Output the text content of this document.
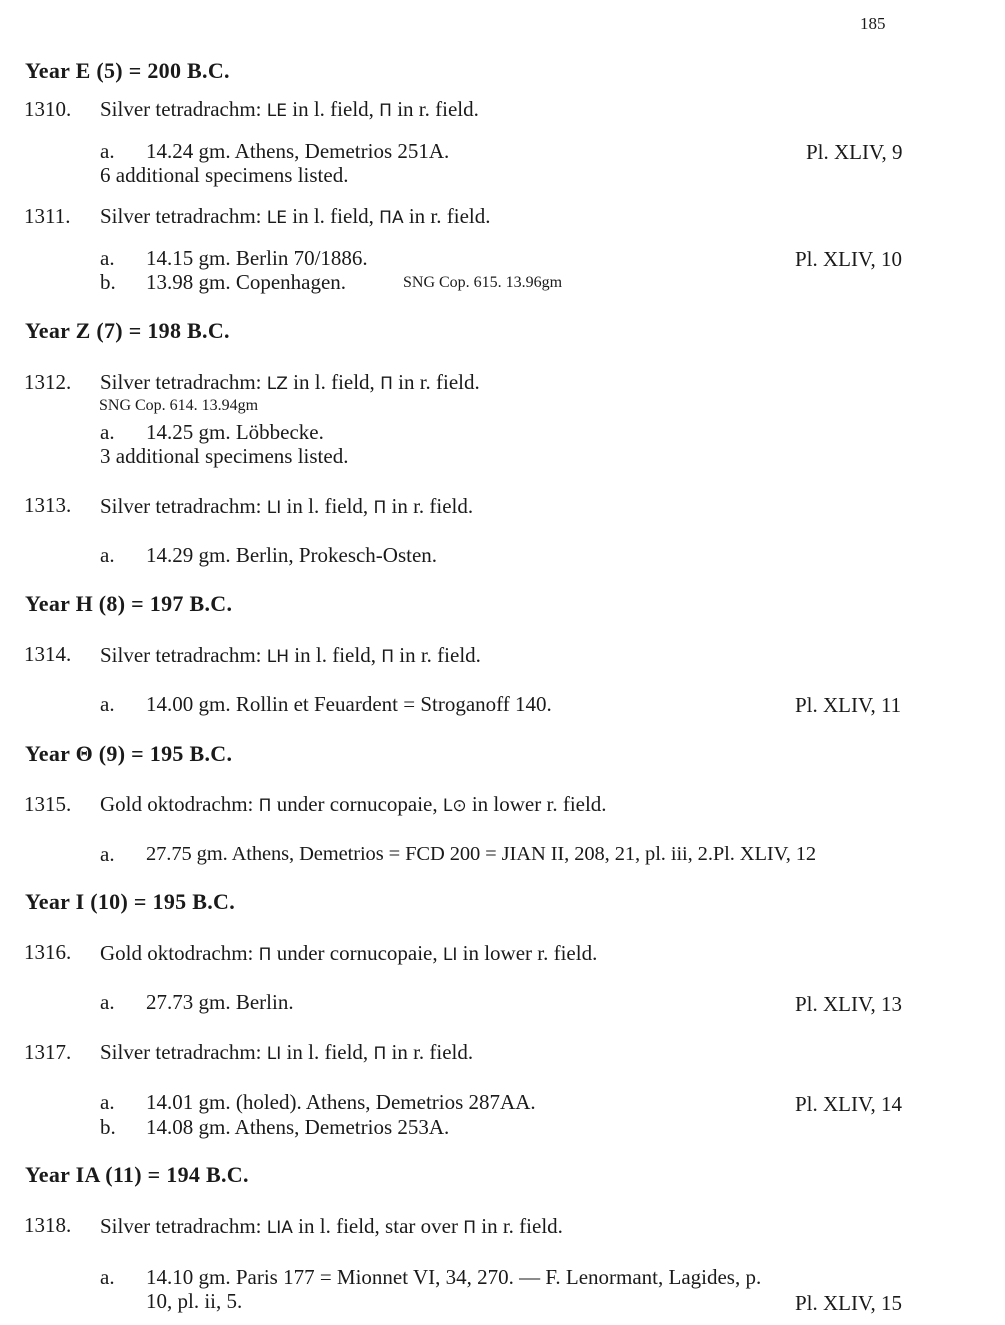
185
Year E (5) = 200 B.C.
1310. Silver tetradrachm: LE in l. field, Π in r. field.
a. 14.24 gm. Athens, Demetrios 251A.	Pl. XLIV, 9
6 additional specimens listed.
1311. Silver tetradrachm: LE in l. field, ΠA in r. field.
a. 14.15 gm. Berlin 70/1886.	Pl. XLIV, 10
b. 13.98 gm. Copenhagen.	SNG Cop. 615. 13.96gm
Year Z (7) = 198 B.C.
1312. Silver tetradrachm: LZ in l. field, Π in r. field.
SNG Cop. 614. 13.94gm
a. 14.25 gm. Löbbecke.
3 additional specimens listed.
1313. Silver tetradrachm: LI in l. field, Π in r. field.
a. 14.29 gm. Berlin, Prokesch-Osten.
Year H (8) = 197 B.C.
1314. Silver tetradrachm: LH in l. field, Π in r. field.
a. 14.00 gm. Rollin et Feuardent = Stroganoff 140.	Pl. XLIV, 11
Year Θ (9) = 195 B.C.
1315. Gold oktodrachm: Π under cornucopaie, L⊙ in lower r. field.
a. 27.75 gm. Athens, Demetrios = FCD 200 = JIAN II, 208, 21, pl. iii, 2.Pl. XLIV, 12
Year I (10) = 195 B.C.
1316. Gold oktodrachm: Π under cornucopaie, LI in lower r. field.
a. 27.73 gm. Berlin.	Pl. XLIV, 13
1317. Silver tetradrachm: LI in l. field, Π in r. field.
a. 14.01 gm. (holed). Athens, Demetrios 287AA.	Pl. XLIV, 14
b. 14.08 gm. Athens, Demetrios 253A.
Year IA (11) = 194 B.C.
1318. Silver tetradrachm: LIA in l. field, star over Π in r. field.
a. 14.10 gm. Paris 177 = Mionnet VI, 34, 270. — F. Lenormant, Lagides, p.
10, pl. ii, 5.	Pl. XLIV, 15
